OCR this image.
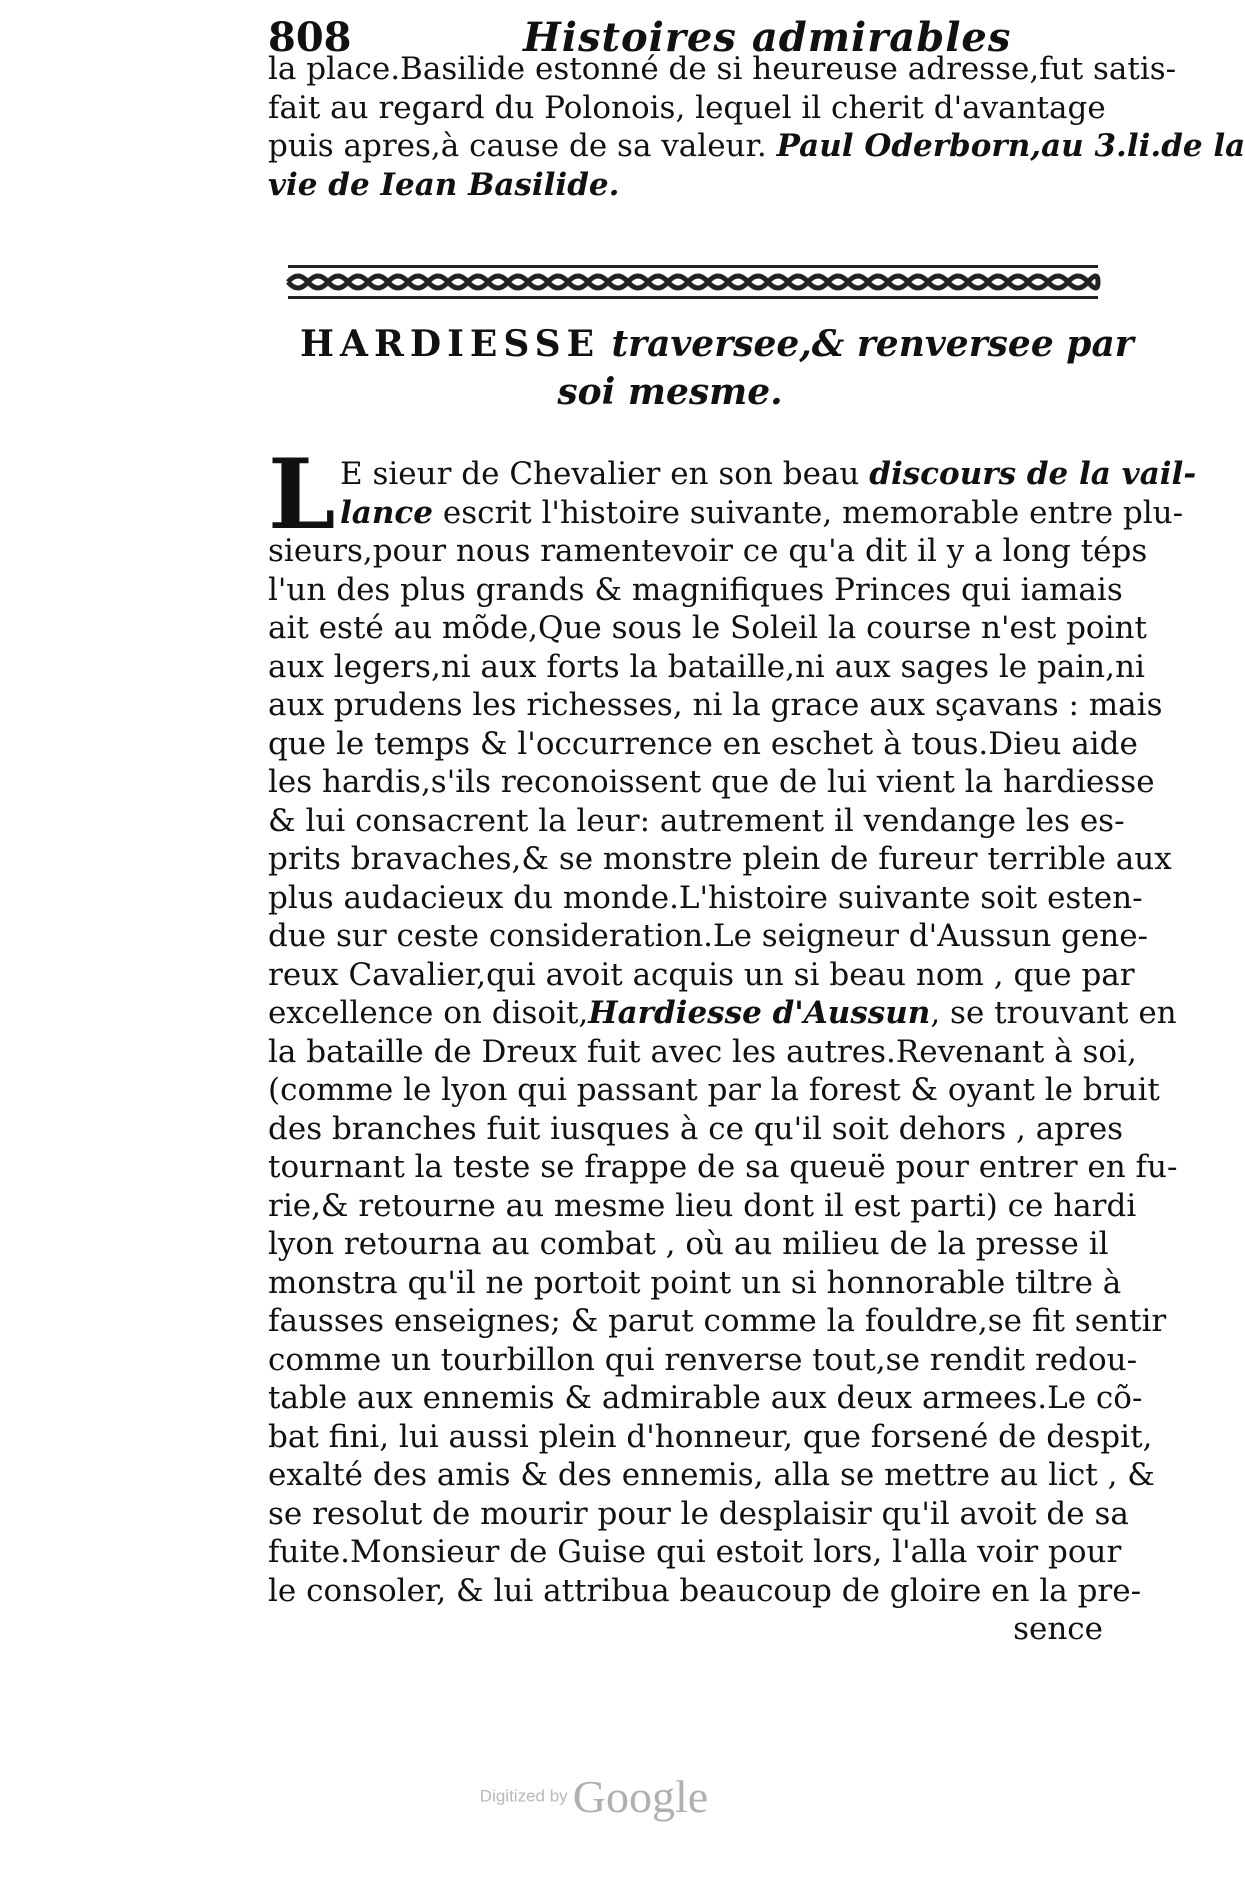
808	Histoires admirables
la place.Basilide estonné de si heureuse adresse,fut satis-
fait au regard du Polonois, lequel il cherit d'avantage
puis apres,à cause de sa valeur. Paul Oderborn,au 3.li.de la
vie de Iean Basilide.
HARDIESSE traversee,& renversee par
soi mesme.
L E sieur de Chevalier en son beau discours de la vail-
lance escrit l'histoire suivante, memorable entre plu-
sieurs,pour nous ramentevoir ce qu'a dit il y a long téps
l'un des plus grands & magnifiques Princes qui iamais
ait esté au mõde,Que sous le Soleil la course n'est point
aux legers,ni aux forts la bataille,ni aux sages le pain,ni
aux prudens les richesses, ni la grace aux sçavans : mais
que le temps & l'occurrence en eschet à tous.Dieu aide
les hardis,s'ils reconoissent que de lui vient la hardiesse
& lui consacrent la leur: autrement il vendange les es-
prits bravaches,& se monstre plein de fureur terrible aux
plus audacieux du monde.L'histoire suivante soit esten-
due sur ceste consideration.Le seigneur d'Aussun gene-
reux Cavalier,qui avoit acquis un si beau nom , que par
excellence on disoit,Hardiesse d'Aussun, se trouvant en
la bataille de Dreux fuit avec les autres.Revenant à soi,
(comme le lyon qui passant par la forest & oyant le bruit
des branches fuit iusques à ce qu'il soit dehors , apres
tournant la teste se frappe de sa queuë pour entrer en fu-
rie,& retourne au mesme lieu dont il est parti) ce hardi
lyon retourna au combat , où au milieu de la presse il
monstra qu'il ne portoit point un si honnorable tiltre à
fausses enseignes; & parut comme la fouldre,se fit sentir
comme un tourbillon qui renverse tout,se rendit redou-
table aux ennemis & admirable aux deux armees.Le cõ-
bat fini, lui aussi plein d'honneur, que forsené de despit,
exalté des amis & des ennemis, alla se mettre au lict , &
se resolut de mourir pour le desplaisir qu'il avoit de sa
fuite.Monsieur de Guise qui estoit lors, l'alla voir pour
le consoler, & lui attribua beaucoup de gloire en la pre-
sence
Digitized by Google
